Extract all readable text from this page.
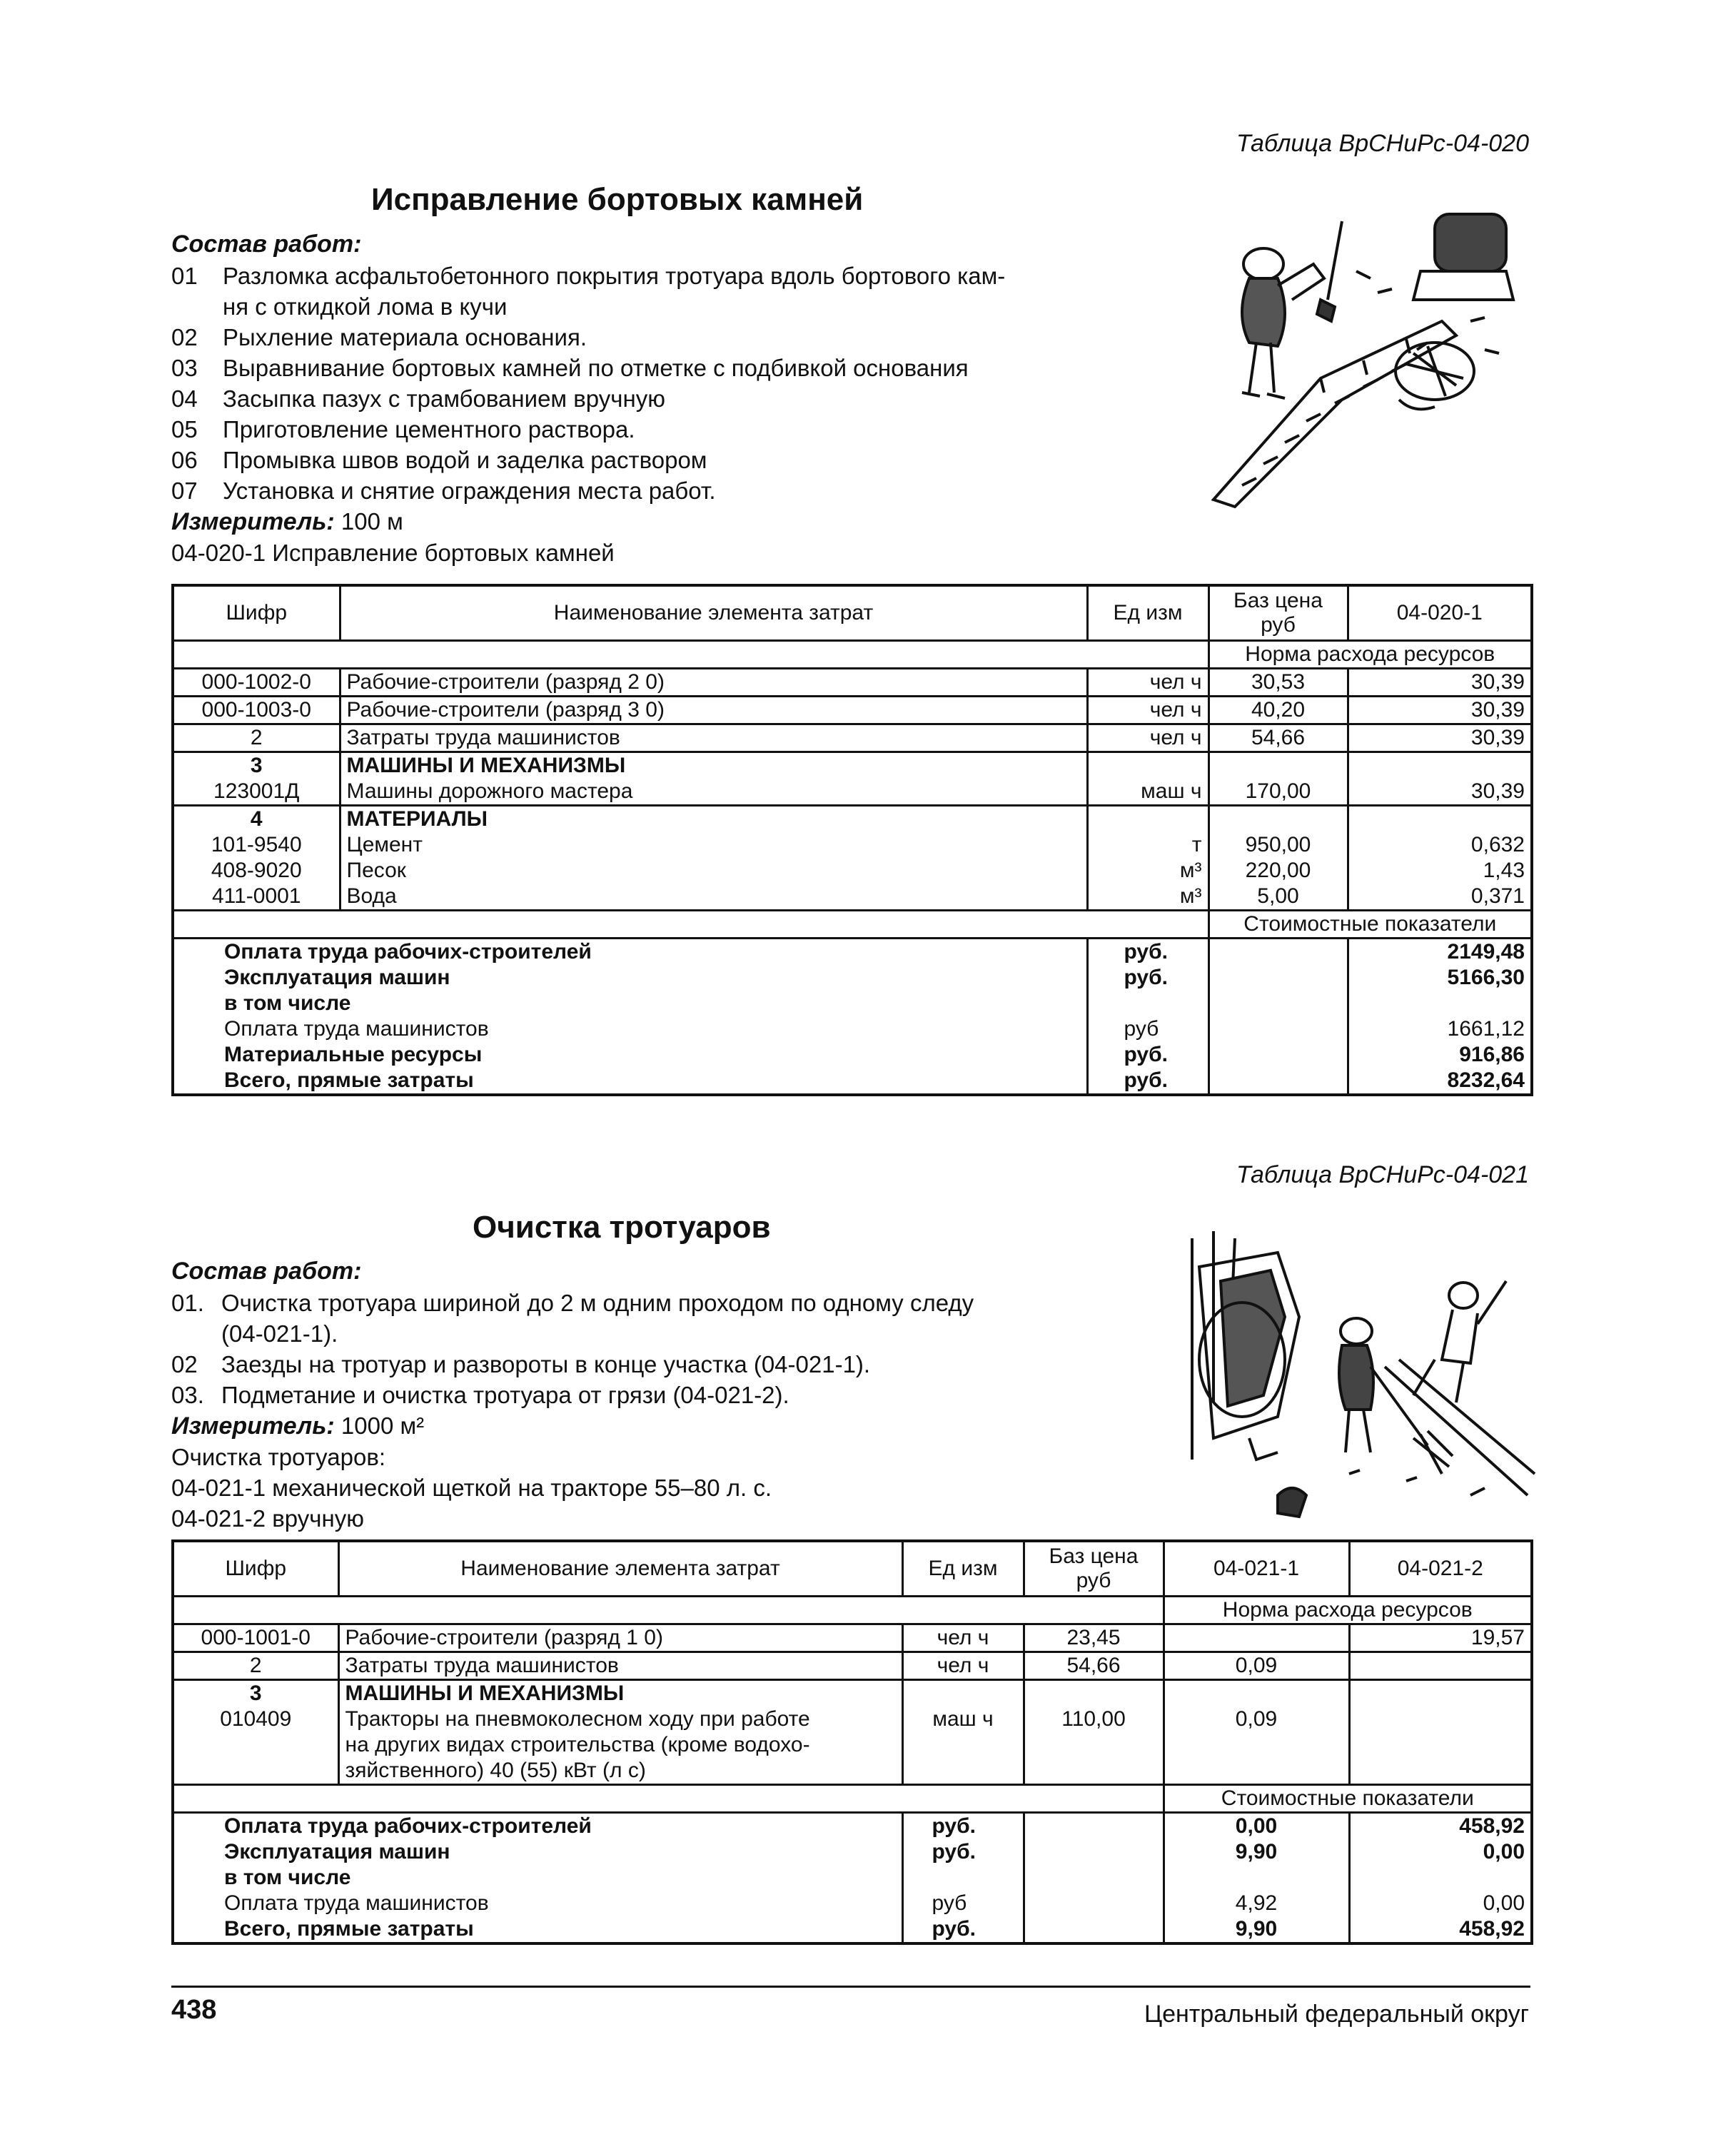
Таблица ВрСНиРс-04-020
Исправление бортовых камней
Состав работ:
01	Разломка асфальтобетонного покрытия тротуара вдоль бортового кам-
ня с откидкой лома в кучи
02	Рыхление материала основания.
03	Выравнивание бортовых камней по отметке с подбивкой основания
04	Засыпка пазух с трамбованием вручную
05	Приготовление цементного раствора.
06	Промывка швов водой и заделка раствором
07	Установка и снятие ограждения места работ.
Измеритель: 100 м
04-020-1 Исправление бортовых камней
Шифр	Наименование элемента затрат	Ед изм	Баз цена руб	04-020-1
			Норма расхода ресурсов	
000-1002-0	Рабочие-строители (разряд 2 0)	чел ч	30,53	30,39
000-1003-0	Рабочие-строители (разряд 3 0)	чел ч	40,20	30,39
2	Затраты труда машинистов	чел ч	54,66	30,39
3	МАШИНЫ И МЕХАНИЗМЫ			
123001Д	Машины дорожного мастера	маш ч	170,00	30,39
4	МАТЕРИАЛЫ			
101-9540	Цемент	т	950,00	0,632
408-9020	Песок	м³	220,00	1,43
411-0001	Вода	м³	5,00	0,371
			Стоимостные показатели	
Оплата труда рабочих-строителей		руб.		2149,48
Эксплуатация машин		руб.		5166,30
в том числе				
Оплата труда машинистов		руб		1661,12
Материальные ресурсы		руб.		916,86
Всего, прямые затраты		руб.		8232,64
Таблица ВрСНиРс-04-021
Очистка тротуаров
Состав работ:
01. Очистка тротуара шириной до 2 м одним проходом по одному следу
(04-021-1).
02	Заезды на тротуар и развороты в конце участка (04-021-1).
03. Подметание и очистка тротуара от грязи (04-021-2).
Измеритель: 1000 м²
Очистка тротуаров:
04-021-1 механической щеткой на тракторе 55–80 л. с.
04-021-2 вручную
Шифр	Наименование элемента затрат	Ед изм	Баз цена руб	04-021-1	04-021-2
				Норма расхода ресурсов	
000-1001-0	Рабочие-строители (разряд 1 0)	чел ч	23,45		19,57
2	Затраты труда машинистов	чел ч	54,66	0,09	
3	МАШИНЫ И МЕХАНИЗМЫ				
010409	Тракторы на пневмоколесном ходу при работе	маш ч	110,00	0,09	
	на других видах строительства (кроме водохо-				
	зяйственного) 40 (55) кВт (л с)				
				Стоимостные показатели	
Оплата труда рабочих-строителей		руб.		0,00	458,92
Эксплуатация машин		руб.		9,90	0,00
в том числе					
Оплата труда машинистов		руб		4,92	0,00
Всего, прямые затраты		руб.		9,90	458,92
438	Центральный федеральный округ
